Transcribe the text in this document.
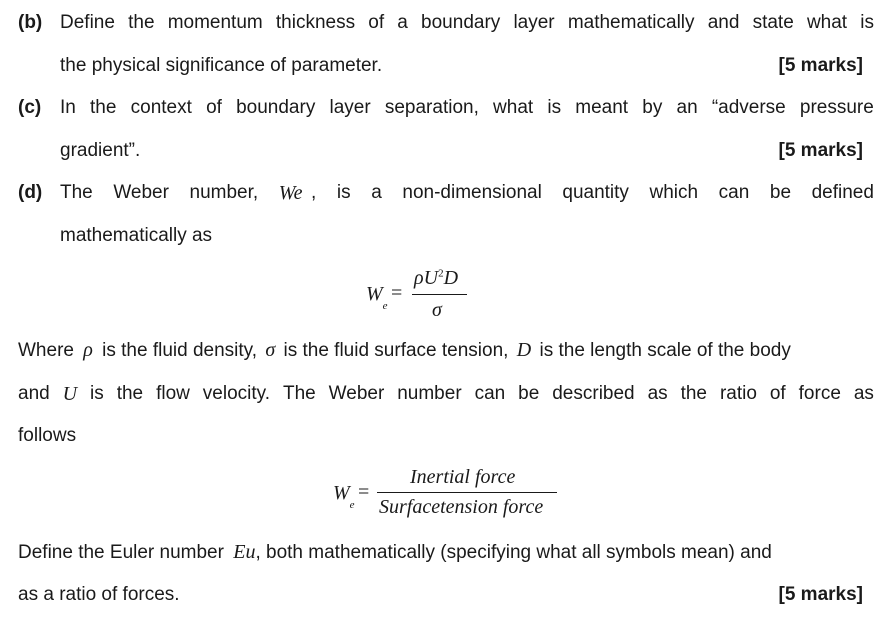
(b) Define the momentum thickness of a boundary layer mathematically and state what is
the physical significance of parameter.	[5 marks]
(c) In the context of boundary layer separation, what is meant by an “adverse pressure
gradient”.	[5 marks]
(d) The Weber number, We , is a non-dimensional quantity which can be defined
mathematically as
$W_e$
=
$\rho U^2D$
σ
Where ρ is the fluid density, σ is the fluid surface tension, D is the length scale of the body
and U is the flow velocity. The Weber number can be described as the ratio of force as
follows
$W_e$
=
Inertial force
Surfacetension force
Define the Euler number Eu, both mathematically (specifying what all symbols mean) and
as a ratio of forces.	[5 marks]
